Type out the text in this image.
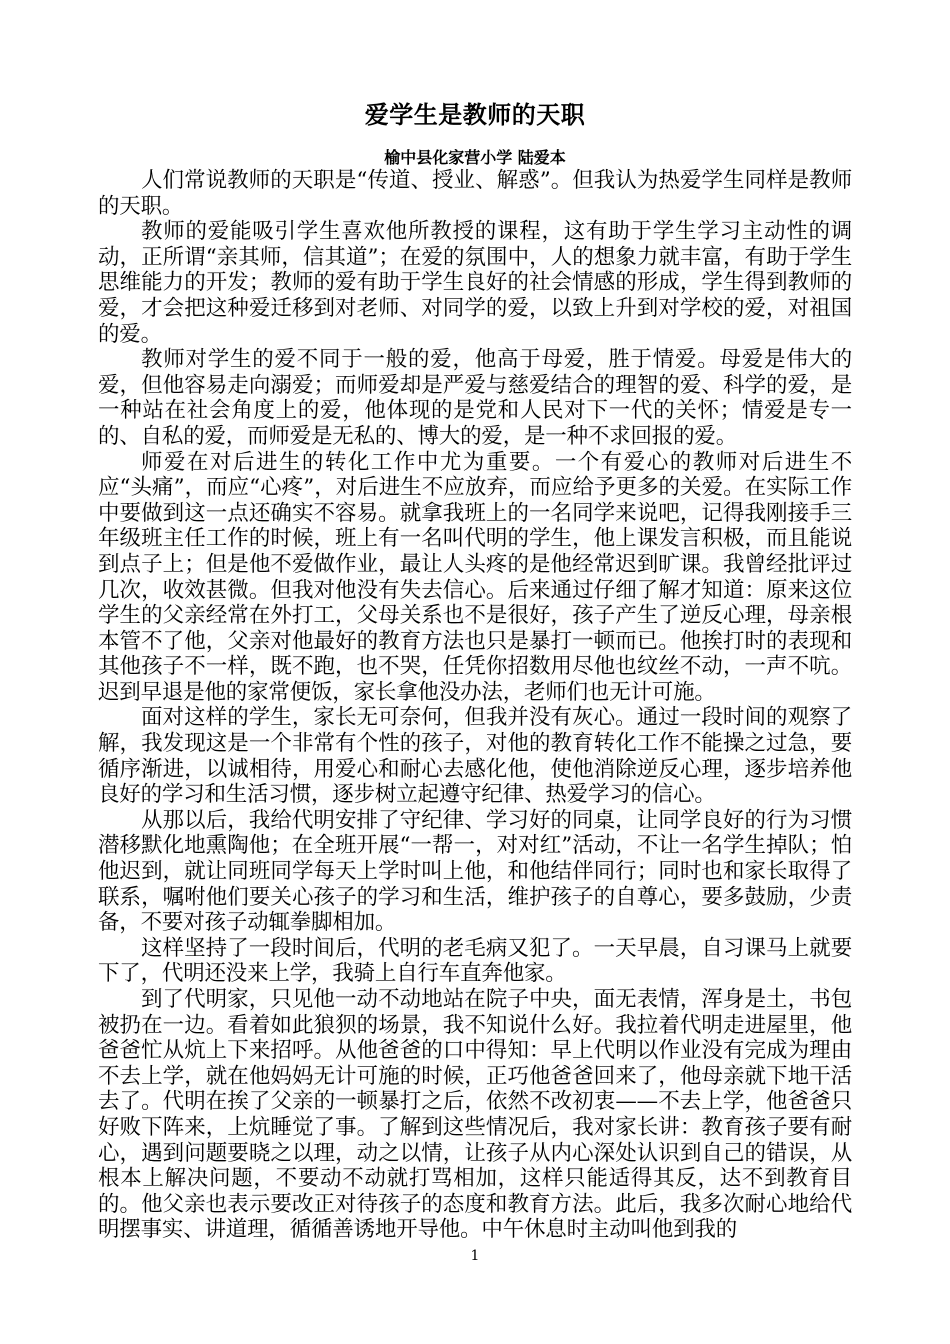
爱学生是教师的天职
榆中县化家营小学 陆爱本

人们常说教师的天职是“传道、授业、解惑”。但我认为热爱学生同样是教师的天职。

教师的爱能吸引学生喜欢他所教授的课程，这有助于学生学习主动性的调动，正所谓“亲其师，信其道”；在爱的氛围中，人的想象力就丰富，有助于学生思维能力的开发；教师的爱有助于学生良好的社会情感的形成，学生得到教师的爱，才会把这种爱迁移到对老师、对同学的爱，以致上升到对学校的爱，对祖国的爱。

教师对学生的爱不同于一般的爱，他高于母爱，胜于情爱。母爱是伟大的爱，但他容易走向溺爱；而师爱却是严爱与慈爱结合的理智的爱、科学的爱，是一种站在社会角度上的爱，他体现的是党和人民对下一代的关怀；情爱是专一的、自私的爱，而师爱是无私的、博大的爱，是一种不求回报的爱。

师爱在对后进生的转化工作中尤为重要。一个有爱心的教师对后进生不应“头痛”，而应“心疼”，对后进生不应放弃，而应给予更多的关爱。在实际工作中要做到这一点还确实不容易。就拿我班上的一名同学来说吧，记得我刚接手三年级班主任工作的时候，班上有一名叫代明的学生，他上课发言积极，而且能说到点子上；但是他不爱做作业，最让人头疼的是他经常迟到旷课。我曾经批评过几次，收效甚微。但我对他没有失去信心。后来通过仔细了解才知道：原来这位学生的父亲经常在外打工，父母关系也不是很好，孩子产生了逆反心理，母亲根本管不了他，父亲对他最好的教育方法也只是暴打一顿而已。他挨打时的表现和其他孩子不一样，既不跑，也不哭，任凭你招数用尽他也纹丝不动，一声不吭。迟到早退是他的家常便饭，家长拿他没办法，老师们也无计可施。

面对这样的学生，家长无可奈何，但我并没有灰心。通过一段时间的观察了解，我发现这是一个非常有个性的孩子，对他的教育转化工作不能操之过急，要循序渐进，以诚相待，用爱心和耐心去感化他，使他消除逆反心理，逐步培养他良好的学习和生活习惯，逐步树立起遵守纪律、热爱学习的信心。

从那以后，我给代明安排了守纪律、学习好的同桌，让同学良好的行为习惯潜移默化地熏陶他；在全班开展“一帮一，对对红”活动，不让一名学生掉队；怕他迟到，就让同班同学每天上学时叫上他，和他结伴同行；同时也和家长取得了联系，嘱咐他们要关心孩子的学习和生活，维护孩子的自尊心，要多鼓励，少责备，不要对孩子动辄拳脚相加。

这样坚持了一段时间后，代明的老毛病又犯了。一天早晨，自习课马上就要下了，代明还没来上学，我骑上自行车直奔他家。

到了代明家，只见他一动不动地站在院子中央，面无表情，浑身是土，书包被扔在一边。看着如此狼狈的场景，我不知说什么好。我拉着代明走进屋里，他爸爸忙从炕上下来招呼。从他爸爸的口中得知：早上代明以作业没有完成为理由不去上学，就在他妈妈无计可施的时候，正巧他爸爸回来了，他母亲就下地干活去了。代明在挨了父亲的一顿暴打之后，依然不改初衷——不去上学，他爸爸只好败下阵来，上炕睡觉了事。了解到这些情况后，我对家长讲：教育孩子要有耐心，遇到问题要晓之以理，动之以情，让孩子从内心深处认识到自己的错误，从根本上解决问题，不要动不动就打骂相加，这样只能适得其反，达不到教育目的。他父亲也表示要改正对待孩子的态度和教育方法。此后，我多次耐心地给代明摆事实、讲道理，循循善诱地开导他。中午休息时主动叫他到我的

1
